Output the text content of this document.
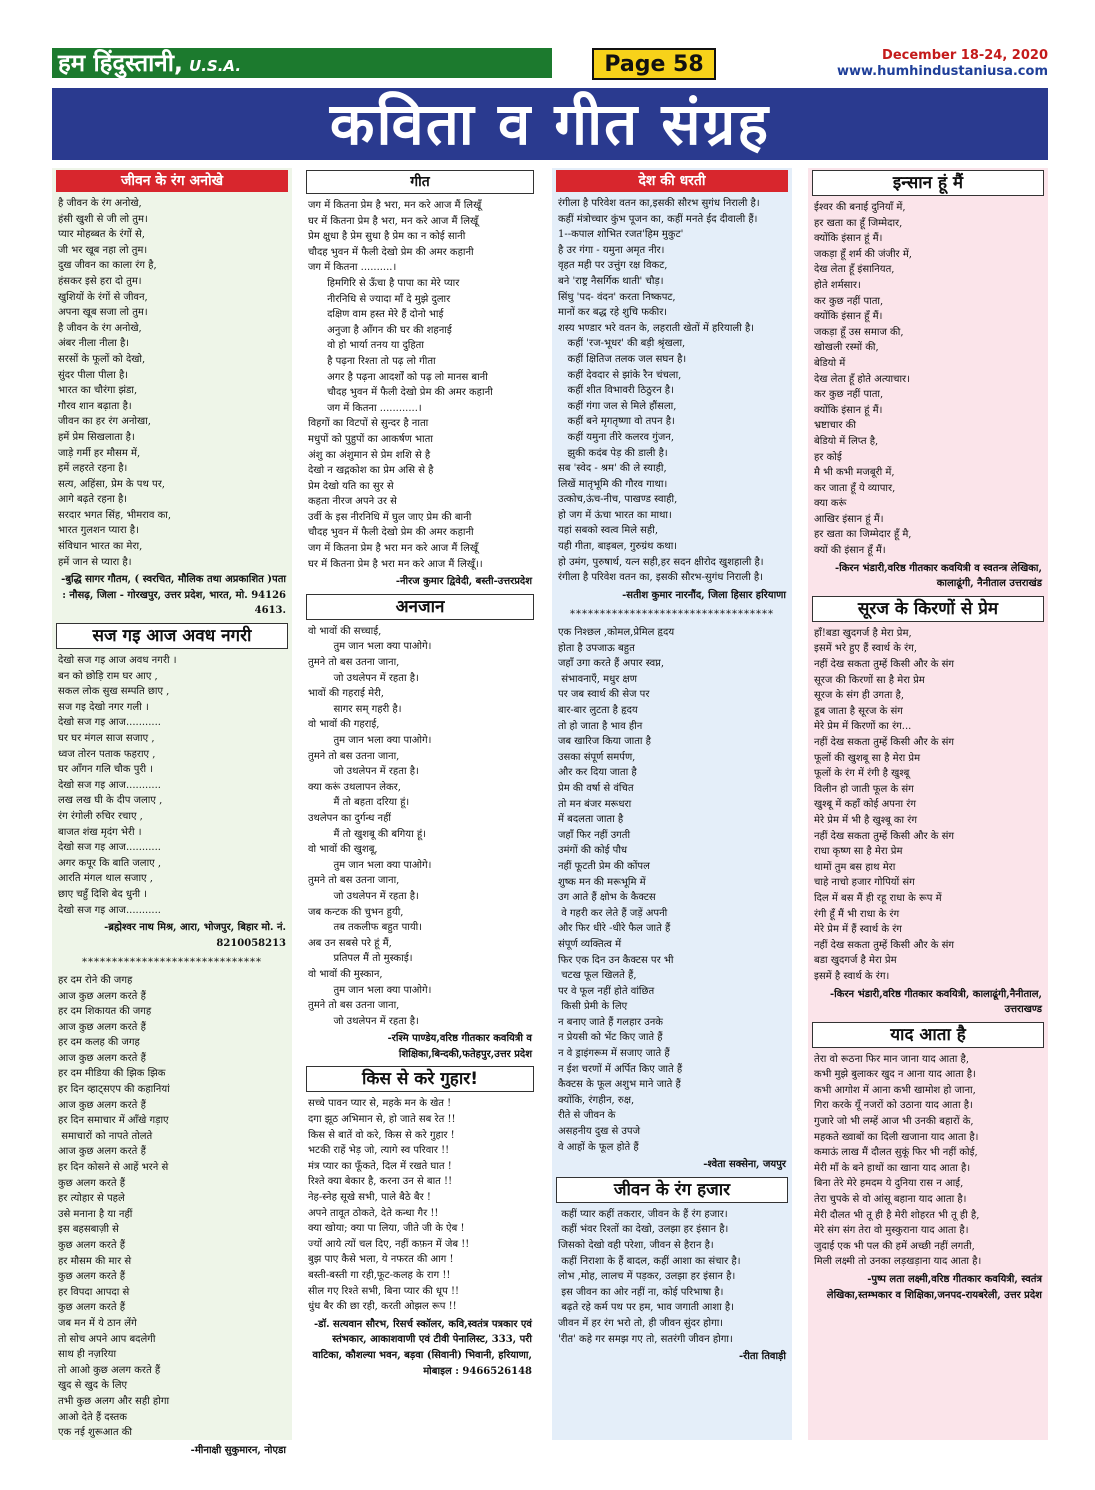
हम हिंदुस्तानी, U.S.A.	Page 58	December 18-24, 2020
www.humhindustaniusa.com
कविता व गीत संग्रह
जीवन के रंग अनोखे
है जीवन के रंग अनोखे,
हंसी खुशी से जी लो तुम।
प्यार मोहब्बत के रंगों से,
जी भर खूब नहा लो तुम।
दुख जीवन का काला रंग है,
हंसकर इसे हरा दो तुम।
खुशियों के रंगों से जीवन,
अपना खूब सजा लो तुम।
है जीवन के रंग अनोखे,
अंबर नीला नीला है।
सरसों के फूलों को देखो,
सुंदर पीला पीला है।
भारत का चौरंगा झंडा,
गौरव शान बढ़ाता है।
जीवन का हर रंग अनोखा,
हमें प्रेम सिखलाता है।
जाड़े गर्मी हर मौसम में,
हमें लहरते रहना है।
सत्य, अहिंसा, प्रेम के पथ पर,
आगे बढ़ते रहना है।
सरदार भगत सिंह, भीमराव का,
भारत गुलशन प्यारा है।
संविधान भारत का मेरा,
हमें जान से प्यारा है।
-बुद्धि सागर गौतम, ( स्वरचित, मौलिक तथा अप्रकाशित )पता : नौसढ़, जिला - गोरखपुर, उत्तर प्रदेश, भारत, मो. 94126 4613.
सज गइ आज अवध नगरी
देखो सज गइ आज अवध नगरी ।
बन को छोड़ि राम घर आए ,
सकल लोक सुख सम्पति छाए ,
सज गइ देखो नगर गली ।
देखो सज गइ आज...........
घर घर मंगल साज सजाए ,
ध्वज तोरन पताक फहराए ,
घर आँगन गलि चौक पुरी ।
देखो सज गइ आज...........
लख लख घी के दीप जलाए ,
रंग रंगोली रुचिर रचाए ,
बाजत शंख मृदंग भेरी ।
देखो सज गइ आज...........
अगर कपूर कि बाति जलाए ,
आरति मंगल थाल सजाए ,
छाए चहुँ दिशि बेद धुनी ।
देखो सज गइ आज...........
-ब्रह्मेश्वर नाथ मिश्र, आरा, भोजपुर, बिहार मो. नं. 8210058213
******************************
हर दम रोने की जगह
आज कुछ अलग करते हैं
हर दम शिकायत की जगह
आज कुछ अलग करते हैं
हर दम कलह की जगह
आज कुछ अलग करते हैं
हर दम मीडिया की झिक झिक
हर दिन व्हाट्सएप की कहानियां
आज कुछ अलग करते हैं
हर दिन समाचार में आँखे गड़ाए
समाचारों को नापते तोलते
आज कुछ अलग करते हैं
हर दिन कोसने से आहें भरने से
कुछ अलग करते हैं
हर त्योहार से पहले
उसे मनाना है या नहीं
इस बहसबाज़ी से
कुछ अलग करते हैं
हर मौसम की मार से
कुछ अलग करते हैं
हर विपदा आपदा से
कुछ अलग करते हैं
जब मन में ये ठान लेंगे
तो सोच अपने आप बदलेगी
साथ ही नज़रिया
तो आओ कुछ अलग करते हैं
खुद से खुद के लिए
तभी कुछ अलग और सही होगा
आओ देते हैं दस्तक
एक नई शुरूआत की
-मीनाक्षी सुकुमारन, नोएडा
गीत
जग में कितना प्रेम है भरा, मन करे आज मैं लिखूँ
घर में कितना प्रेम है भरा, मन करे आज मैं लिखूँ
प्रेम क्षुधा है प्रेम सुधा है प्रेम का न कोई सानी
चौदह भुवन में फैली देखो प्रेम की अमर कहानी
जग में कितना ..........।
हिमगिरि से ऊँचा है पापा का मेरे प्यार
नीरनिधि से ज्यादा माँ दे मुझे दुलार
दक्षिण वाम हस्त मेरे हैं दोनो भाई
अनुजा है आँगन की घर की शहनाई
वो हो भार्या तनय या दुहिता
है पढ़ना रिश्ता तो पढ़ लो गीता
अगर है पढ़ना आदर्शों को पढ़ लो मानस बानी
चौदह भुवन में फैली देखो प्रेम की अमर कहानी
जग में कितना ............।
विहगों का विटपों से सुन्दर है नाता
मधुपों को पुहुपों का आकर्षण भाता
अंशु का अंशुमान से प्रेम शशि से है
देखो न खद्गकोश का प्रेम असि से है
प्रेम देखो यति का सुर से
कहता नीरज अपने उर से
उर्वी के इस नीरनिधि में घुल जाए प्रेम की बानी
चौदह भुवन में फैली देखो प्रेम की अमर कहानी
जग में कितना प्रेम है भरा मन करे आज मैं लिखूँ
घर में कितना प्रेम है भरा मन करे आज मैं लिखूँ।।
-नीरज कुमार द्विवेदी, बस्ती-उत्तरप्रदेश
अनजान
वो भावों की सच्चाई,
तुम जान भला क्या पाओगे।
तुमने तो बस उतना जाना,
जो उथलेपन में रहता है।
भावों की गहराई मेरी,
सागर सम् गहरी है।
वो भावों की गहराई,
तुम जान भला क्या पाओगे।
तुमने तो बस उतना जाना,
जो उथलेपन में रहता है।
क्या करूं उथलापन लेकर,
मैं तो बहता दरिया हूं।
उथलेपन का दुर्गन्ध नहीं
मैं तो खुशबू की बगिया हूं।
वो भावों की खुशबू,
तुम जान भला क्या पाओगे।
तुमने तो बस उतना जाना,
जो उथलेपन में रहता है।
जब कन्टक की चुभन हुयी,
तब तकलीफ बहुत पायी।
अब उन सबसे परे हूं मैं,
प्रतिपल मैं तो मुस्काई।
वो भावों की मुस्कान,
तुम जान भला क्या पाओगे।
तुमने तो बस उतना जाना,
जो उथलेपन में रहता है।
-रश्मि पाण्डेय,वरिष्ठ गीतकार कवयित्री व शिक्षिका,बिन्दकी,फतेहपुर,उत्तर प्रदेश
किस से करे गुहार!
सच्चे पावन प्यार से, महके मन के खेत !
दगा झूठ अभिमान से, हो जाते सब रेत !!
किस से बातें वो करे, किस से करे गुहार !
भटकी राहें भेड़ जो, त्यागे स्व परिवार !!
मंत्र प्यार का फूँकते, दिल में रखते घात !
रिश्ते क्या बेकार है, करना उन से बात !!
नेह-स्नेह सूखे सभी, पाले बैठे बैर !
अपने तावूत ठोकते, देते कन्धा गैर !!
क्या खोया; क्या पा लिया, जीते जी के ऐब !
ज्यों आये त्यों चल दिए, नहीं कफ़न में जेब !!
बुझ पाए कैसे भला, ये नफरत की आग !
बस्ती-बस्ती गा रही,फूट-कलह के राग !!
सील गए रिश्ते सभी, बिना प्यार की धूप !!
धुंध बैर की छा रही, करती ओझल रूप !!
-डॉ. सत्यवान सौरभ, रिसर्च स्कॉलर, कवि,स्वतंत्र पत्रकार एवं स्तंभकार, आकाशवाणी एवं टीवी पेनालिस्ट, 333, परी वाटिका, कौशल्या भवन, बड़वा (सिवानी) भिवानी, हरियाणा, मोबाइल : 9466526148
देश की धरती
रंगीला है परिवेश वतन का,इसकी सौरभ सुगंध निराली है।
कहीं मंत्रोच्चार कुंभ पूजन का, कहीं मनते ईद दीवाली हैं।
1--कपाल शोभित रजत'हिम मुकुट'
है उर गंगा - यमुना अमृत नीर।
वृहत मही पर उत्तुंग रक्ष विकट,
बने 'राष्ट्र नैसर्गिक थाती' चौड़।
सिंधु 'पद- वंदन' करता निष्कपट,
मानों कर बद्ध रहे शुचि फकीर।
शस्य भण्डार भरे वतन के, लहराती खेतों में हरियाली है।
कहीं 'रज-भूधर' की बड़ी श्रृंखला,
कहीं क्षितिज तलक जल सघन है।
कहीं देवदार से झांके रैन चंचला,
कहीं शीत विभावरी ठिठुरन है।
कहीं गंगा जल से मिले हौंसला,
कहीं बने मृगतृष्णा वो तपन है।
कहीं यमुना तीरे कलरव गुंजन,
झुकी कदंब पेड़ की डाली है।
सब 'स्वेद - श्रम' की ले स्याही,
लिखें मातृभूमि की गौरव गाथा।
उत्कोच,ऊंच-नीच, पाखण्ड स्वाही,
हो जग में ऊंचा भारत का माथा।
यहां सबको स्वत्व मिले सही,
यही गीता, बाइबल, गुरुग्रंथ कथा।
हो उमंग, पुरुषार्थ, यत्न सही,हर सदन क्षीरोद खुशहाली है।
रंगीला है परिवेश वतन का, इसकी सौरभ-सुगंध निराली है।
-सतीश कुमार नारनौंद, जिला हिसार हरियाणा
**********************************
एक निश्छल ,कोमल,प्रेमिल हृदय
होता है उपजाऊ बहुत
जहाँ उगा करते हैं अपार स्वप्न,
संभावनाएँ, मधुर क्षण
पर जब स्वार्थ की सेज पर
बार-बार लुटता है हृदय
तो हो जाता है भाव हीन
जब खारिज किया जाता है
उसका संपूर्ण समर्पण,
और कर दिया जाता है
प्रेम की वर्षा से वंचित
तो मन बंजर मरूधरा
में बदलता जाता है
जहाँ फिर नहीं उगती
उमंगों की कोई पौध
नहीं फूटती प्रेम की कोंपल
शुष्क मन की मरूभूमि में
उग आते हैं क्षोभ के कैक्टस
वे गहरी कर लेते हैं जड़ें अपनी
और फिर धीरे -धीरे फैल जाते हैं
संपूर्ण व्यक्तित्व में
फिर एक दिन उन कैक्टस पर भी
चटख फूल खिलते हैं,
पर वे फूल नहीं होते वांछित
किसी प्रेमी के लिए
न बनाए जाते हैं गलहार उनके
न प्रेयसी को भेंट किए जाते हैं
न वे ड्राइंगरूम में सजाए जाते हैं
न ईश चरणों में अर्पित किए जाते हैं
कैक्टस के फूल अशुभ माने जाते हैं
क्योंकि, रंगहीन, रुक्ष,
रीते से जीवन के
असहनीय दुख से उपजे
वे आहों के फूल होते हैं
-श्वेता सक्सेना, जयपुर
जीवन के रंग हजार
कहीं प्यार कहीं तकरार, जीवन के हैं रंग हजार।
कहीं भंवर रिश्तों का देखो, उलझा हर इंसान है।
जिसको देखो वही परेशा, जीवन से हैरान है।
कहीं निराशा के हैं बादल, कहीं आशा का संचार है।
लोभ ,मोह, लालच में पड़कर, उलझा हर इंसान है।
इस जीवन का ओर नहीं ना, कोई परिभाषा है।
बढ़ते रहे कर्म पथ पर हम, भाव जगाती आशा है।
जीवन में हर रंग भरो तो, ही जीवन सुंदर होगा।
'रीत' कहे गर समझ गए तो, सतरंगी जीवन होगा।
-रीता तिवाड़ी
इन्सान हूं मैं
ईश्वर की बनाई दुनियाँ में,
हर खता का हूँ जिम्मेदार,
क्योंकि इंसान हूं मैं।
जकड़ा हूँ शर्म की जंजीर में,
देख लेता हूँ इंसानियत,
होते शर्मसार।
कर कुछ नहीं पाता,
क्योंकि इंसान हूँ मैं।
जकड़ा हूँ उस समाज की,
खोखली रस्मों की,
बेडियो में
देख लेता हूँ होते अत्याचार।
कर कुछ नहीं पाता,
क्योंकि इंसान हूं मैं।
भ्रष्टाचार की
बेडियो में लिप्त है,
हर कोई
मै भी कभी मजबूरी में,
कर जाता हूँ ये व्यापार,
क्या करूं
आखिर इंसान हूं मैं।
हर खता का जिम्मेदार हूँ मै,
क्यों की इंसान हूँ मैं।
-किरन भंडारी,वरिष्ठ गीतकार कवयित्री व स्वतन्त्र लेखिका, कालाढूंगी, नैनीताल उत्तराखंड
सूरज के किरणों से प्रेम
हाँ!बडा खुदगर्ज है मेरा प्रेम,
इसमें भरे हुए हैं स्वार्थ के रंग,
नहीं देख सकता तुम्हें किसी और के संग
सूरज की किरणों सा है मेरा प्रेम
सूरज के संग ही उगता है,
डूब जाता है सूरज के संग
मेरे प्रेम में किरणों का रंग...
नहीं देख सकता तुम्हें किसी और के संग
फूलों की खुशबू सा है मेरा प्रेम
फूलों के रंग में रंगी है खुश्बू
विलीन हो जाती फूल के संग
खुश्बू में कहाँ कोई अपना रंग
मेरे प्रेम में भी है खुश्बू का रंग
नहीं देख सकता तुम्हें किसी और के संग
राधा कृष्ण सा है मेरा प्रेम
थामों तुम बस हाथ मेरा
चाहे नाचो हजार गोपियों संग
दिल में बस मैं ही रहू राधा के रूप में
रंगी हूँ मैं भी राधा के रंग
मेरे प्रेम में हैं स्वार्थ के रंग
नहीं देख सकता तुम्हें किसी और के संग
बडा खुदगर्ज है मेरा प्रेम
इसमें है स्वार्थ के रंग।
-किरन भंडारी,वरिष्ठ गीतकार कवयित्री, कालाढूंगी,नैनीताल, उत्तराखण्ड
याद आता है
तेरा वो रूठना फिर मान जाना याद आता है,
कभी मुझे बुलाकर खुद न आना याद आता है।
कभी आगोश में आना कभी खामोश हो जाना,
गिरा करके यूँ नजरों को उठाना याद आता है।
गुजारे जो भी लम्हें आज भी उनकी बहारों के,
महकते ख्वाबों का दिली खजाना याद आता है।
कमाऊं लाख मैं दौलत सुकूं फिर भी नहीं कोई,
मेरी माँ के बने हाथों का खाना याद आता है।
बिना तेरे मेरे हमदम ये दुनिया रास न आई,
तेरा चुपके से वो आंसू बहाना याद आता है।
मेरी दौलत भी तू ही है मेरी शोहरत भी तू ही है,
मेरे संग संग तेरा वो मुस्कुराना याद आता है।
जुदाई एक भी पल की हमें अच्छी नहीं लगती,
मिली लक्ष्मी तो उनका लड़खड़ाना याद आता है।
-पुष्प लता लक्ष्मी,वरिष्ठ गीतकार कवयित्री, स्वतंत्र लेखिका,स्तम्भकार व शिक्षिका,जनपद-रायबरेली, उत्तर प्रदेश
